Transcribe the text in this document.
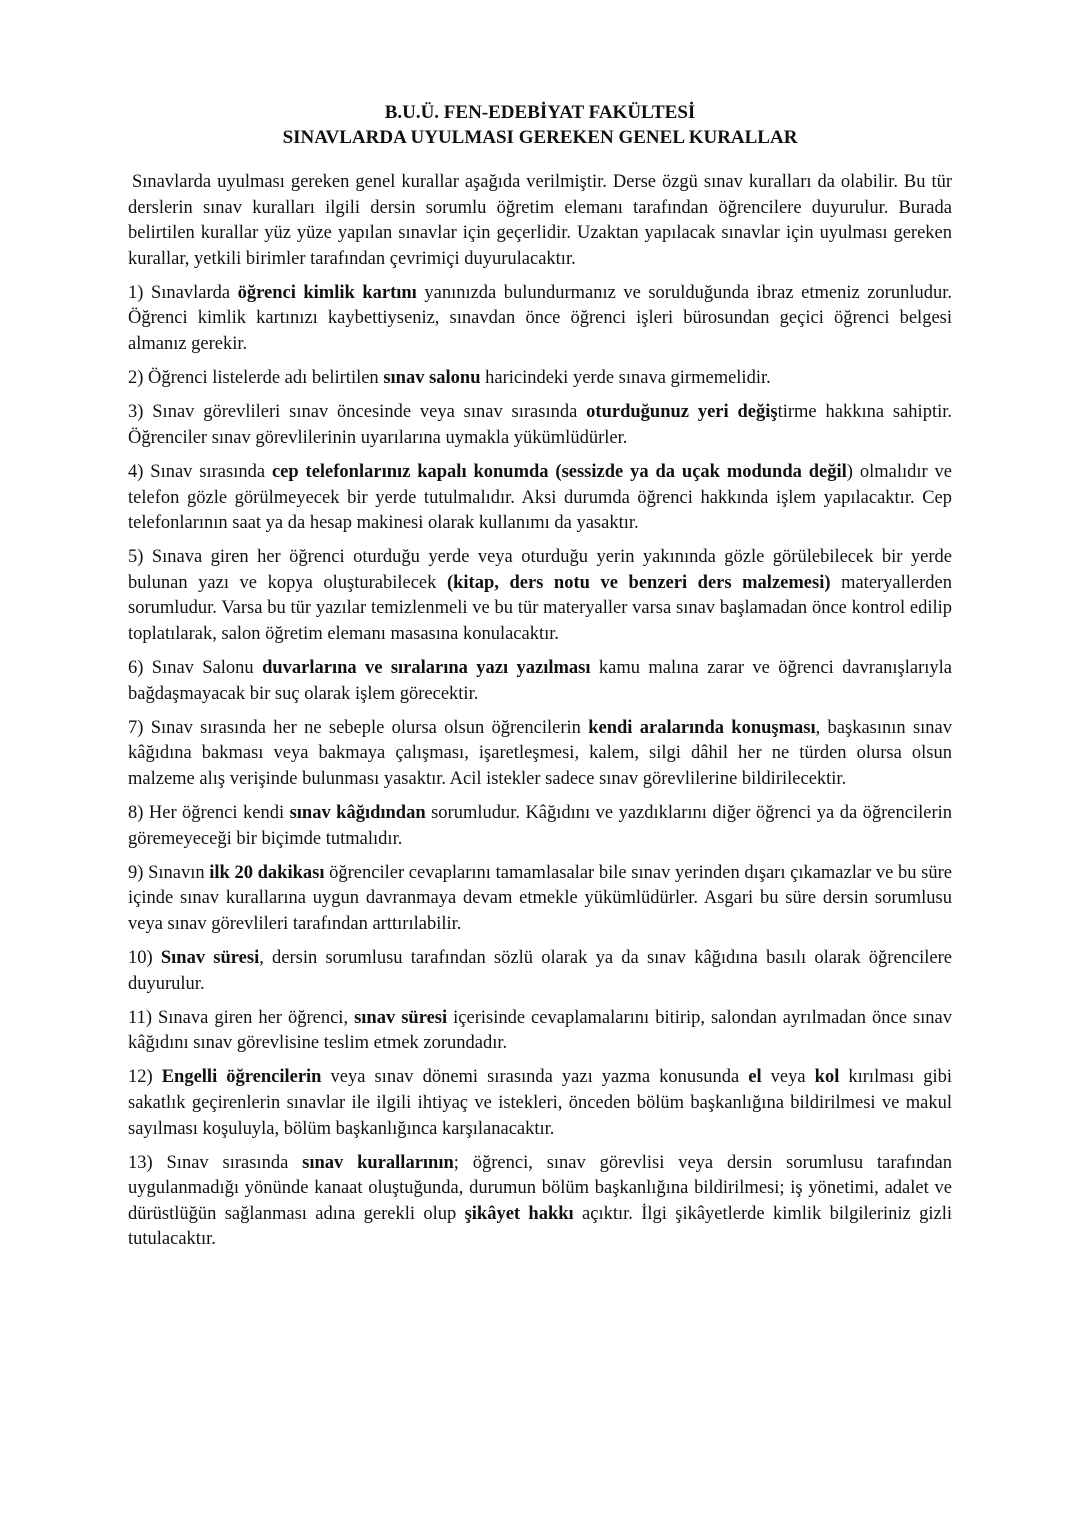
B.U.Ü. FEN-EDEBİYAT FAKÜLTESİ

SINAVLARDA UYULMASI GEREKEN GENEL KURALLAR

Sınavlarda uyulması gereken genel kurallar aşağıda verilmiştir. Derse özgü sınav kuralları da olabilir. Bu tür derslerin sınav kuralları ilgili dersin sorumlu öğretim elemanı tarafından öğrencilere duyurulur. Burada belirtilen kurallar yüz yüze yapılan sınavlar için geçerlidir. Uzaktan yapılacak sınavlar için uyulması gereken kurallar, yetkili birimler tarafından çevrimiçi duyurulacaktır.

1) Sınavlarda öğrenci kimlik kartını yanınızda bulundurmanız ve sorulduğunda ibraz etmeniz zorunludur. Öğrenci kimlik kartınızı kaybettiyseniz, sınavdan önce öğrenci işleri bürosundan geçici öğrenci belgesi almanız gerekir.

2) Öğrenci listelerde adı belirtilen sınav salonu haricindeki yerde sınava girmemelidir.

3) Sınav görevlileri sınav öncesinde veya sınav sırasında oturduğunuz yeri değiştirme hakkına sahiptir. Öğrenciler sınav görevlilerinin uyarılarına uymakla yükümlüdürler.

4) Sınav sırasında cep telefonlarınız kapalı konumda (sessizde ya da uçak modunda değil) olmalıdır ve telefon gözle görülmeyecek bir yerde tutulmalıdır. Aksi durumda öğrenci hakkında işlem yapılacaktır. Cep telefonlarının saat ya da hesap makinesi olarak kullanımı da yasaktır.

5) Sınava giren her öğrenci oturduğu yerde veya oturduğu yerin yakınında gözle görülebilecek bir yerde bulunan yazı ve kopya oluşturabilecek (kitap, ders notu ve benzeri ders malzemesi) materyallerden sorumludur. Varsa bu tür yazılar temizlenmeli ve bu tür materyaller varsa sınav başlamadan önce kontrol edilip toplatılarak, salon öğretim elemanı masasına konulacaktır.

6) Sınav Salonu duvarlarına ve sıralarına yazı yazılması kamu malına zarar ve öğrenci davranışlarıyla bağdaşmayacak bir suç olarak işlem görecektir.

7) Sınav sırasında her ne sebeple olursa olsun öğrencilerin kendi aralarında konuşması, başkasının sınav kâğıdına bakması veya bakmaya çalışması, işaretleşmesi, kalem, silgi dâhil her ne türden olursa olsun malzeme alış verişinde bulunması yasaktır. Acil istekler sadece sınav görevlilerine bildirilecektir.

8) Her öğrenci kendi sınav kâğıdından sorumludur. Kâğıdını ve yazdıklarını diğer öğrenci ya da öğrencilerin göremeyeceği bir biçimde tutmalıdır.

9) Sınavın ilk 20 dakikası öğrenciler cevaplarını tamamlasalar bile sınav yerinden dışarı çıkamazlar ve bu süre içinde sınav kurallarına uygun davranmaya devam etmekle yükümlüdürler. Asgari bu süre dersin sorumlusu veya sınav görevlileri tarafından arttırılabilir.

10) Sınav süresi, dersin sorumlusu tarafından sözlü olarak ya da sınav kâğıdına basılı olarak öğrencilere duyurulur.

11) Sınava giren her öğrenci, sınav süresi içerisinde cevaplamalarını bitirip, salondan ayrılmadan önce sınav kâğıdını sınav görevlisine teslim etmek zorundadır.

12) Engelli öğrencilerin veya sınav dönemi sırasında yazı yazma konusunda el veya kol kırılması gibi sakatlık geçirenlerin sınavlar ile ilgili ihtiyaç ve istekleri, önceden bölüm başkanlığına bildirilmesi ve makul sayılması koşuluyla, bölüm başkanlığınca karşılanacaktır.

13) Sınav sırasında sınav kurallarının; öğrenci, sınav görevlisi veya dersin sorumlusu tarafından uygulanmadığı yönünde kanaat oluştuğunda, durumun bölüm başkanlığına bildirilmesi; iş yönetimi, adalet ve dürüstlüğün sağlanması adına gerekli olup şikâyet hakkı açıktır. İlgi şikâyetlerde kimlik bilgileriniz gizli tutulacaktır.
